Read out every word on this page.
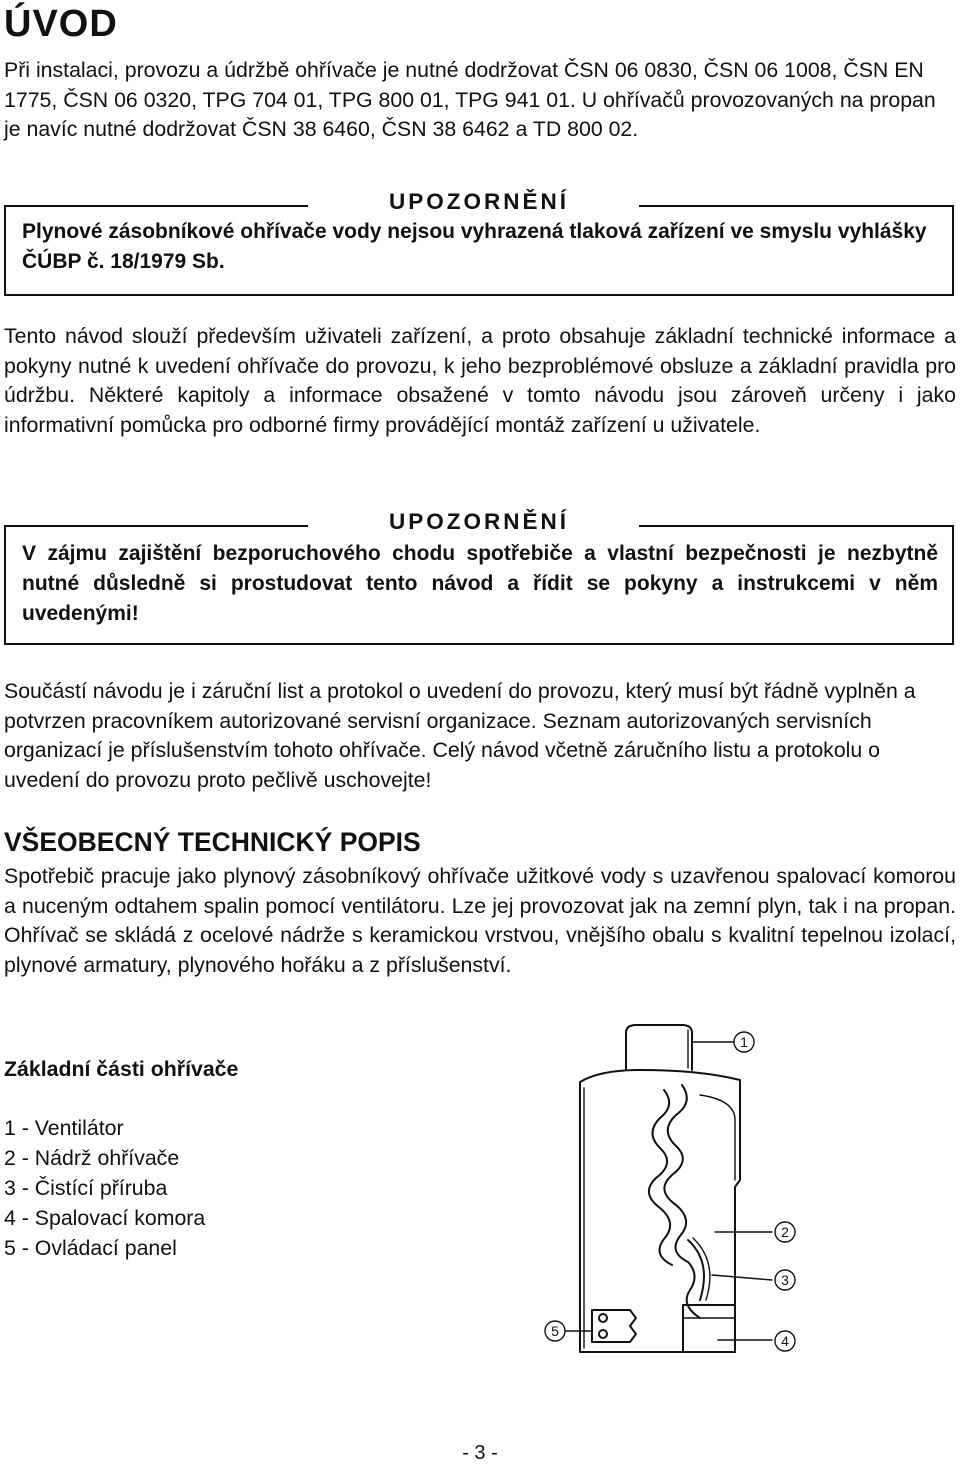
ÚVOD

Při instalaci, provozu a údržbě ohřívače je nutné dodržovat ČSN 06 0830, ČSN 06 1008, ČSN EN 1775, ČSN 06 0320, TPG 704 01, TPG 800 01, TPG 941 01. U ohřívačů provozovaných na propan je navíc nutné dodržovat ČSN 38 6460, ČSN 38 6462 a TD 800 02.

UPOZORNĚNÍ

Plynové zásobníkové ohřívače vody nejsou vyhrazená tlaková zařízení ve smyslu vyhlášky ČÚBP č. 18/1979 Sb.

Tento návod slouží především uživateli zařízení, a proto obsahuje základní technické informace a pokyny nutné k uvedení ohřívače do provozu, k jeho bezproblémové obsluze a základní pravidla pro údržbu. Některé kapitoly a informace obsažené v tomto návodu jsou zároveň určeny i jako informativní pomůcka pro odborné firmy provádějící montáž zařízení u uživatele.

UPOZORNĚNÍ

V zájmu zajištění bezporuchového chodu spotřebiče a vlastní bezpečnosti je nezbytně nutné důsledně si prostudovat tento návod a řídit se pokyny a instrukcemi v něm uvedenými!

Součástí návodu je i záruční list a protokol o uvedení do provozu, který musí být řádně vyplněn a potvrzen pracovníkem autorizované servisní organizace. Seznam autorizovaných servisních organizací je příslušenstvím tohoto ohřívače. Celý návod včetně záručního listu a protokolu o uvedení do provozu proto pečlivě uschovejte!

VŠEOBECNÝ TECHNICKÝ POPIS

Spotřebič pracuje jako plynový zásobníkový ohřívače užitkové vody s uzavřenou spalovací komorou a nuceným odtahem spalin pomocí ventilátoru. Lze jej provozovat jak na zemní plyn, tak i na propan. Ohřívač se skládá z ocelové nádrže s keramickou vrstvou, vnějšího obalu s kvalitní tepelnou izolací, plynové armatury, plynového hořáku a z příslušenství.

Základní části ohřívače
1 - Ventilátor
2 - Nádrž ohřívače
3 - Čistící příruba
4 - Spalovací komora
5 - Ovládací panel
1
2
3
4
5
- 3 -
